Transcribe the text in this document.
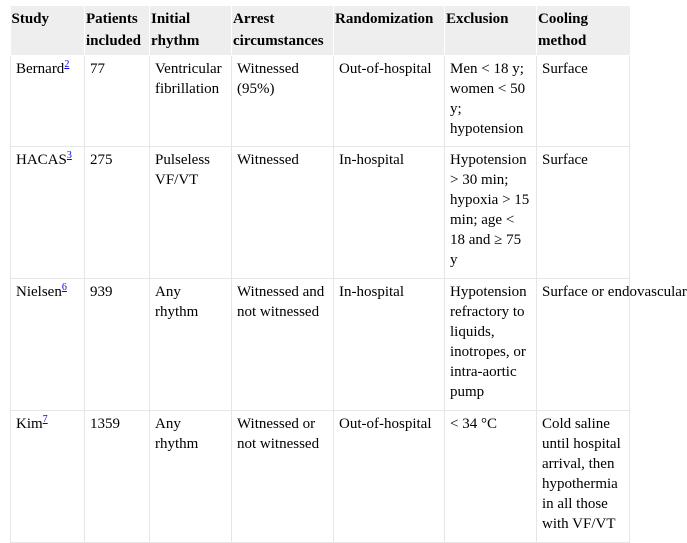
Study	Patients included	Initial rhythm	Arrest circumstances	Randomization	Exclusion	Cooling method
Bernard$^2$	77	Ventricular fibrillation	Witnessed (95%)	Out-of-hospital	Men < 18 y; women < 50 y; hypotension	Surface
HACAS$^3$	275	Pulseless VF/VT	Witnessed	In-hospital	Hypotension > 30 min; hypoxia > 15 min; age < 18 and ≥ 75 y	Surface
Nielsen$^6$	939	Any rhythm	Witnessed and not witnessed	In-hospital	Hypotension refractory to liquids, inotropes, or intra-aortic pump	Surface or endovascular
Kim$^7$	1359	Any rhythm	Witnessed or not witnessed	Out-of-hospital	< 34 °C	Cold saline until hospital arrival, then hypothermia in all those with VF/VT
